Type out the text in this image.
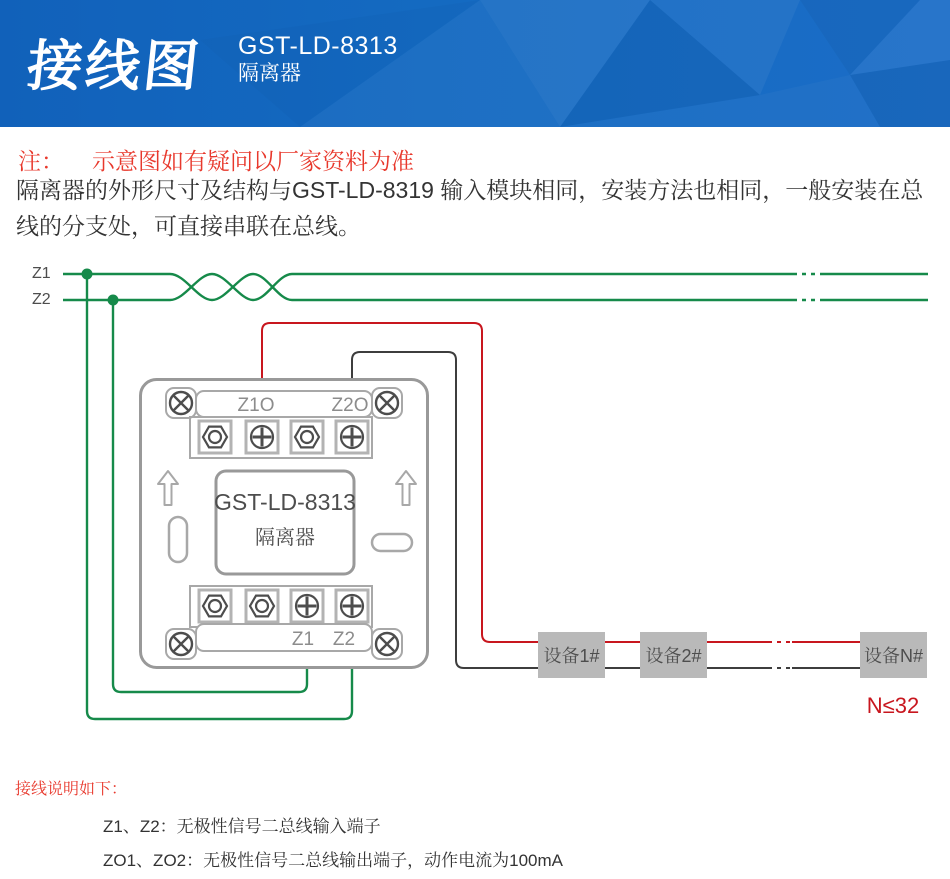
接线图 GST-LD-8313
隔离器
注： 示意图如有疑问以厂家资料为准
隔离器的外形尺寸及结构与GST-LD-8319 输入模块相同，安装方法也相同，一般安装在总线的分支处，可直接串联在总线。
Z1
Z2
Z1O	Z2O
GST-LD-8313
隔离器
Z1 Z2
设备1#	设备2#	设备N#
N≤32
接线说明如下：
Z1、Z2：无极性信号二总线输入端子
ZO1、ZO2：无极性信号二总线输出端子，动作电流为100mA
